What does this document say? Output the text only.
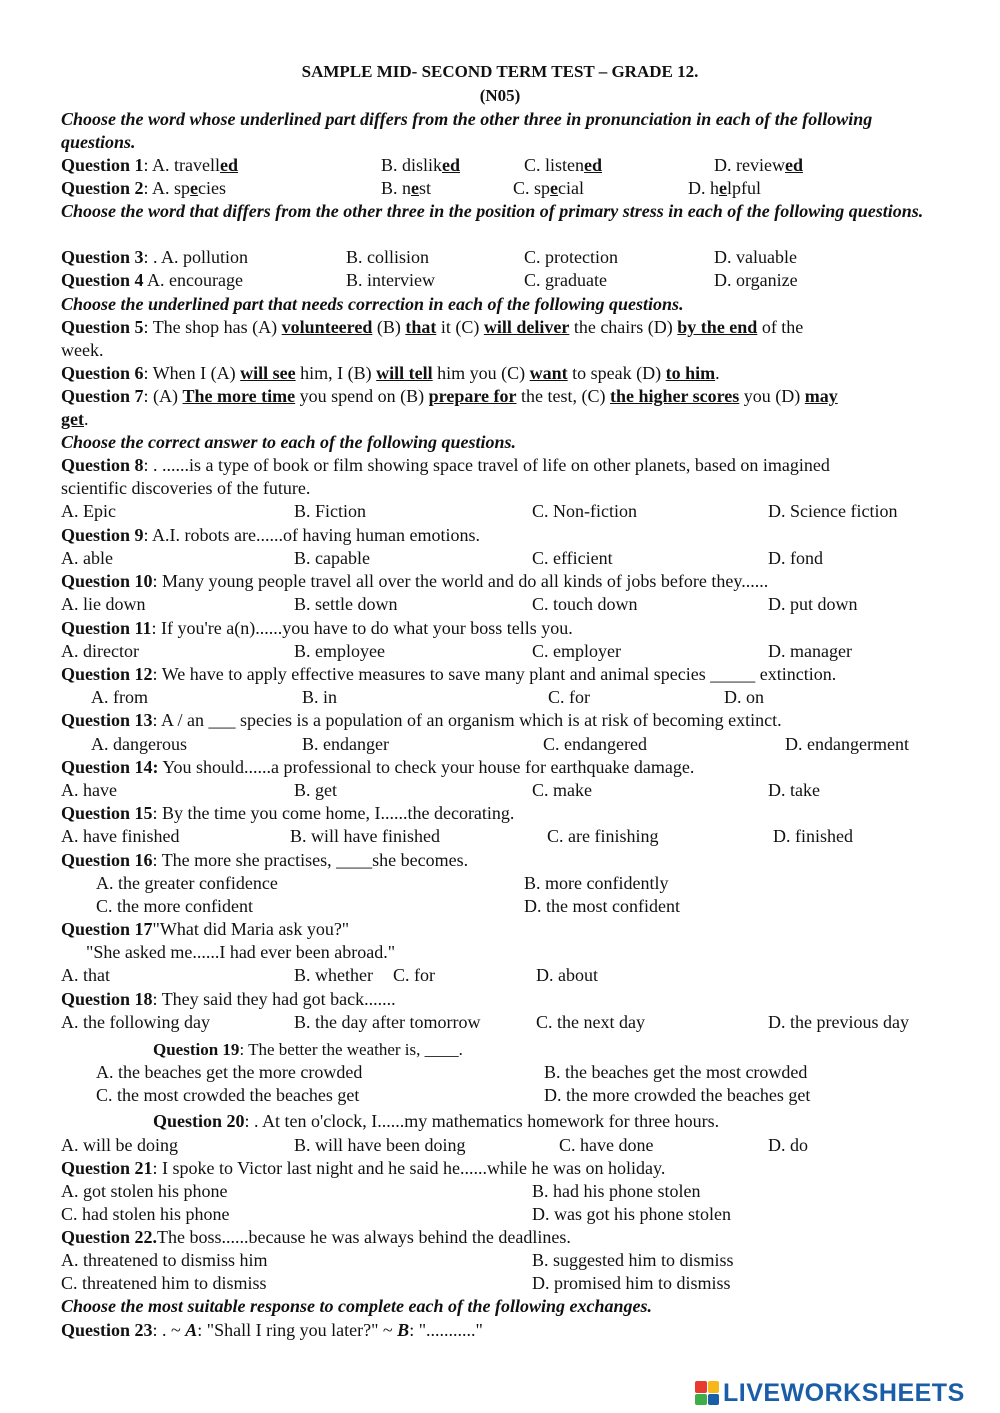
SAMPLE MID- SECOND TERM TEST – GRADE 12.
(N05)
Choose the word whose underlined part differs from the other three in pronunciation in each of the following questions.
Question 1: A. travelled	B. disliked	C. listened	D. reviewed
Question 2: A. species	B. nest	C. special	D. helpful
Choose the word that differs from the other three in the position of primary stress in each of the following questions.
Question 3: . A. pollution	B. collision	C. protection	D. valuable
Question 4 A. encourage	B. interview	C. graduate	D. organize
Choose the underlined part that needs correction in each of the following questions.
Question 5: The shop has (A) volunteered (B) that it (C) will deliver the chairs (D) by the end of the
week.
Question 6: When I (A) will see him, I (B) will tell him you (C) want to speak (D) to him.
Question 7: (A) The more time you spend on (B) prepare for the test, (C) the higher scores you (D) may
get.
Choose the correct answer to each of the following questions.
Question 8: . ......is a type of book or film showing space travel of life on other planets, based on imagined
scientific discoveries of the future.
A. Epic	B. Fiction	C. Non-fiction	D. Science fiction
Question 9: A.I. robots are......of having human emotions.
A. able	B. capable	C. efficient	D. fond
Question 10: Many young people travel all over the world and do all kinds of jobs before they......
A. lie down	B. settle down	C. touch down	D. put down
Question 11: If you're a(n)......you have to do what your boss tells you.
A. director	B. employee	C. employer	D. manager
Question 12: We have to apply effective measures to save many plant and animal species _____ extinction.
A. from	B. in	C. for	D. on
Question 13: A / an ___ species is a population of an organism which is at risk of becoming extinct.
A. dangerous	B. endanger	C. endangered	D. endangerment
Question 14: You should......a professional to check your house for earthquake damage.
A. have	B. get	C. make	D. take
Question 15: By the time you come home, I......the decorating.
A. have finished	B. will have finished	C. are finishing	D. finished
Question 16: The more she practises, ____she becomes.
A. the greater confidence	B. more confidently
C. the more confident	D. the most confident
Question 17"What did Maria ask you?"
"She asked me......I had ever been abroad."
A. that	B. whether C. for	D. about
Question 18: They said they had got back.......
A. the following day	B. the day after tomorrow	C. the next day	D. the previous day
Question 19: The better the weather is, ____.
A. the beaches get the more crowded	B. the beaches get the most crowded
C. the most crowded the beaches get	D. the more crowded the beaches get
Question 20: . At ten o'clock, I......my mathematics homework for three hours.
A. will be doing	B. will have been doing	C. have done	D. do
Question 21: I spoke to Victor last night and he said he......while he was on holiday.
A. got stolen his phone	B. had his phone stolen
C. had stolen his phone	D. was got his phone stolen
Question 22.The boss......because he was always behind the deadlines.
A. threatened to dismiss him	B. suggested him to dismiss
C. threatened him to dismiss	D. promised him to dismiss
Choose the most suitable response to complete each of the following exchanges.
Question 23: . ~ A: "Shall I ring you later?" ~ B: "..........."
LIVEWORKSHEETS
